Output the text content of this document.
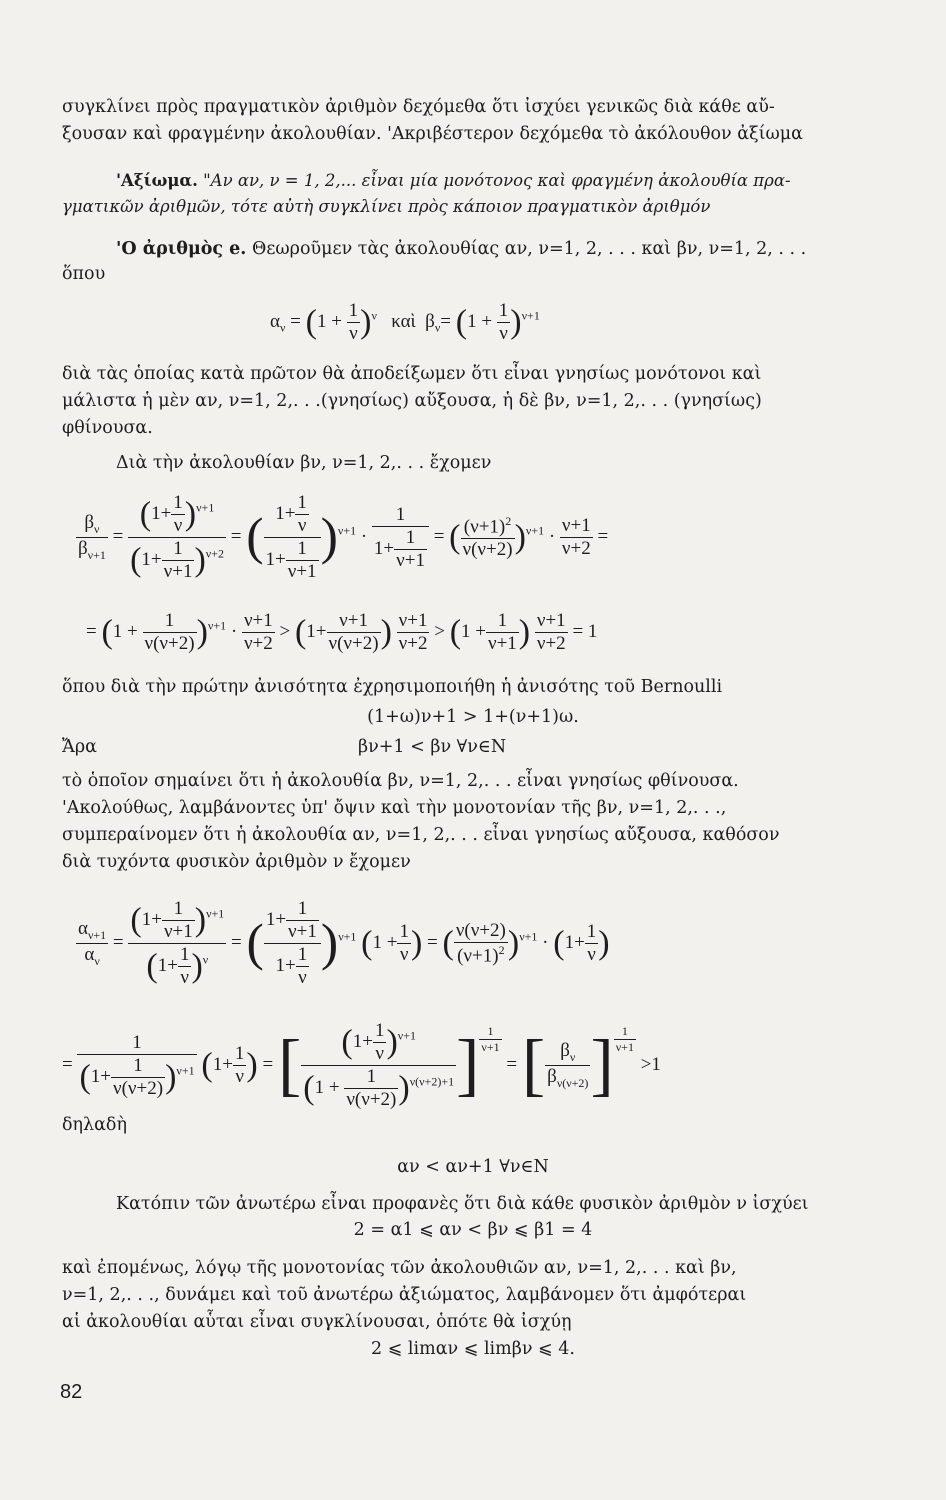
συγκλίνει πρὸς πραγματικὸν ἀριθμὸν δεχόμεθα ὅτι ἰσχύει γενικῶς διὰ κάθε αὔ-
ξουσαν καὶ φραγμένην ἀκολουθίαν. 'Ακριβέστερον δεχόμεθα τὸ ἀκόλουθον ἀξίωμα
'Αξίωμα. "Αν αν, ν = 1, 2,... εἶναι μία μονότονος καὶ φραγμένη ἀκολουθία πρα-
γματικῶν ἀριθμῶν, τότε αὐτὴ συγκλίνει πρὸς κάποιον πραγματικὸν ἀριθμόν
'Ο ἀριθμὸς e. Θεωροῦμεν τὰς ἀκολουθίας αν, ν=1, 2, . . . καὶ βν, ν=1, 2, . . .
ὅπου
$\alpha_\nu = (1 + \frac{1}{\nu} )^\nu$ καὶ  $\beta_\nu= (1 + \frac{1}{\nu} )^{\nu+1}$
διὰ τὰς ὁποίας κατὰ πρῶτον θὰ ἀποδείξωμεν ὅτι εἶναι γνησίως μονότονοι καὶ
μάλιστα ἡ μὲν αν, ν=1, 2,. . .(γνησίως) αὔξουσα, ἡ δὲ βν, ν=1, 2,. . . (γνησίως)
φθίνουσα.
Διὰ τὴν ἀκολουθίαν βν, ν=1, 2,. . . ἔχομεν
$\frac{\beta_\nu}{\beta_{\nu+1}} = \frac{(1+ \frac{1}{\nu} )^{\nu+1}}{(1+ \frac{1}{\nu+1} )^{\nu+2}}$ = ( $\frac{1+ \frac{1}{\nu}}{1+ \frac{1}{\nu+1}} )^{\nu+1} \cdot \frac{1}{1+ \frac{1}{\nu+1}}$ = ( $\frac{(\nu+1)^2}{\nu(\nu+2)} )^{\nu+1} \cdot \frac{\nu+1}{\nu+2}$ =
= $(1 + \frac{1}{\nu(\nu+2)} )^{\nu+1} \cdot \frac{\nu+1}{\nu+2} > (1+ \frac{\nu+1}{\nu(\nu+2)}$ ) $\frac{\nu+1}{\nu+2} > (1 + \frac{1}{\nu+1}$ ) $\frac{\nu+1}{\nu+2} = 1$
ὅπου διὰ τὴν πρώτην ἀνισότητα ἐχρησιμοποιήθη ἡ ἀνισότης τοῦ Bernoulli
(1+ω)ν+1 > 1+(ν+1)ω.
Ἄρα	βν+1 < βν ∀ν∈N
τὸ ὁποῖον σημαίνει ὅτι ἡ ἀκολουθία βν, ν=1, 2,. . . εἶναι γνησίως φθίνουσα.
'Ακολούθως, λαμβάνοντες ὑπ' ὄψιν καὶ τὴν μονοτονίαν τῆς βν, ν=1, 2,. . .,
συμπεραίνομεν ὅτι ἡ ἀκολουθία αν, ν=1, 2,. . . εἶναι γνησίως αὔξουσα, καθόσον
διὰ τυχόντα φυσικὸν ἀριθμὸν ν ἔχομεν
$\frac{\alpha_{\nu+1}}{\alpha_\nu} = \frac{(1+ \frac{1}{\nu+1} )^{\nu+1}}{(1+ \frac{1}{\nu} )^\nu}$ = ( $\frac{1+ \frac{1}{\nu+1}}{1+ \frac{1}{\nu}} )^{\nu+1}$ ($1 + \frac{1}{\nu}$ ) = ( $\frac{\nu(\nu+2)}{(\nu+1)^2} )^{\nu+1} \cdot (1+ \frac{1}{\nu}$ )
= $\frac{1}{(1+ \frac{1}{\nu(\nu+2)} )^{\nu+1}} (1+ \frac{1}{\nu}$ ) = [ $\frac{(1+ \frac{1}{\nu} )^{\nu+1}}{(1 + \frac{1}{\nu(\nu+2)} )^{\nu(\nu+2)+1}}$ ] $^{\frac{1}{\nu+1}}$
= [ $\frac{\beta_\nu}{\beta_{\nu(\nu+2)}}$ ] $^{\frac{1}{\nu+1}}$
>1
δηλαδὴ
αν < αν+1 ∀ν∈N
Κατόπιν τῶν ἀνωτέρω εἶναι προφανὲς ὅτι διὰ κάθε φυσικὸν ἀριθμὸν ν ἰσχύει
2 = α1 ⩽ αν < βν ⩽ β1 = 4
καὶ ἐπομένως, λόγῳ τῆς μονοτονίας τῶν ἀκολουθιῶν αν, ν=1, 2,. . . καὶ βν,
ν=1, 2,. . ., δυνάμει καὶ τοῦ ἀνωτέρω ἀξιώματος, λαμβάνομεν ὅτι ἀμφότεραι
αἱ ἀκολουθίαι αὗται εἶναι συγκλίνουσαι, ὁπότε θὰ ἰσχύῃ
2 ⩽ limαν ⩽ limβν ⩽ 4.
82
